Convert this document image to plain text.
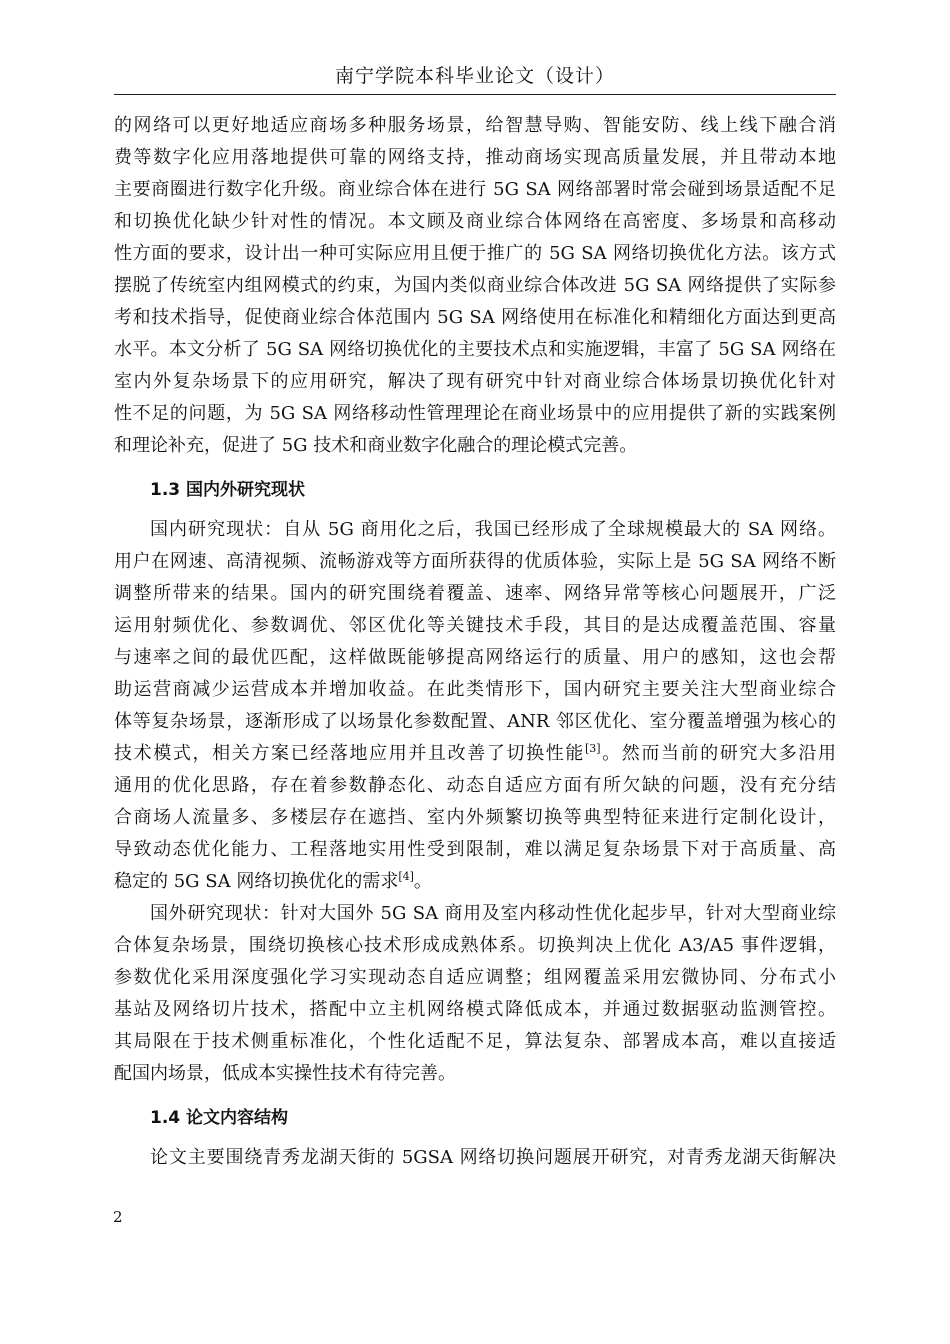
南宁学院本科毕业论文（设计）
的网络可以更好地适应商场多种服务场景，给智慧导购、智能安防、线上线下融合消
费等数字化应用落地提供可靠的网络支持，推动商场实现高质量发展，并且带动本地
主要商圈进行数字化升级。商业综合体在进行 5G SA 网络部署时常会碰到场景适配不足
和切换优化缺少针对性的情况。本文顾及商业综合体网络在高密度、多场景和高移动
性方面的要求，设计出一种可实际应用且便于推广的 5G SA 网络切换优化方法。该方式
摆脱了传统室内组网模式的约束，为国内类似商业综合体改进 5G SA 网络提供了实际参
考和技术指导，促使商业综合体范围内 5G SA 网络使用在标准化和精细化方面达到更高
水平。本文分析了 5G SA 网络切换优化的主要技术点和实施逻辑，丰富了 5G SA 网络在
室内外复杂场景下的应用研究，解决了现有研究中针对商业综合体场景切换优化针对
性不足的问题，为 5G SA 网络移动性管理理论在商业场景中的应用提供了新的实践案例
和理论补充，促进了 5G 技术和商业数字化融合的理论模式完善。
1.3 国内外研究现状
国内研究现状：自从 5G 商用化之后，我国已经形成了全球规模最大的 SA 网络。
用户在网速、高清视频、流畅游戏等方面所获得的优质体验，实际上是 5G SA 网络不断
调整所带来的结果。国内的研究围绕着覆盖、速率、网络异常等核心问题展开，广泛
运用射频优化、参数调优、邻区优化等关键技术手段，其目的是达成覆盖范围、容量
与速率之间的最优匹配，这样做既能够提高网络运行的质量、用户的感知，这也会帮
助运营商减少运营成本并增加收益。在此类情形下，国内研究主要关注大型商业综合
体等复杂场景，逐渐形成了以场景化参数配置、ANR 邻区优化、室分覆盖增强为核心的
技术模式，相关方案已经落地应用并且改善了切换性能[3]。然而当前的研究大多沿用
通用的优化思路，存在着参数静态化、动态自适应方面有所欠缺的问题，没有充分结
合商场人流量多、多楼层存在遮挡、室内外频繁切换等典型特征来进行定制化设计，
导致动态优化能力、工程落地实用性受到限制，难以满足复杂场景下对于高质量、高
稳定的 5G SA 网络切换优化的需求[4]。
国外研究现状：针对大国外 5G SA 商用及室内移动性优化起步早，针对大型商业综
合体复杂场景，围绕切换核心技术形成成熟体系。切换判决上优化 A3/A5 事件逻辑，
参数优化采用深度强化学习实现动态自适应调整；组网覆盖采用宏微协同、分布式小
基站及网络切片技术，搭配中立主机网络模式降低成本，并通过数据驱动监测管控。
其局限在于技术侧重标准化，个性化适配不足，算法复杂、部署成本高，难以直接适
配国内场景，低成本实操性技术有待完善。
1.4 论文内容结构
论文主要围绕青秀龙湖天街的 5GSA 网络切换问题展开研究，对青秀龙湖天街解决
2
